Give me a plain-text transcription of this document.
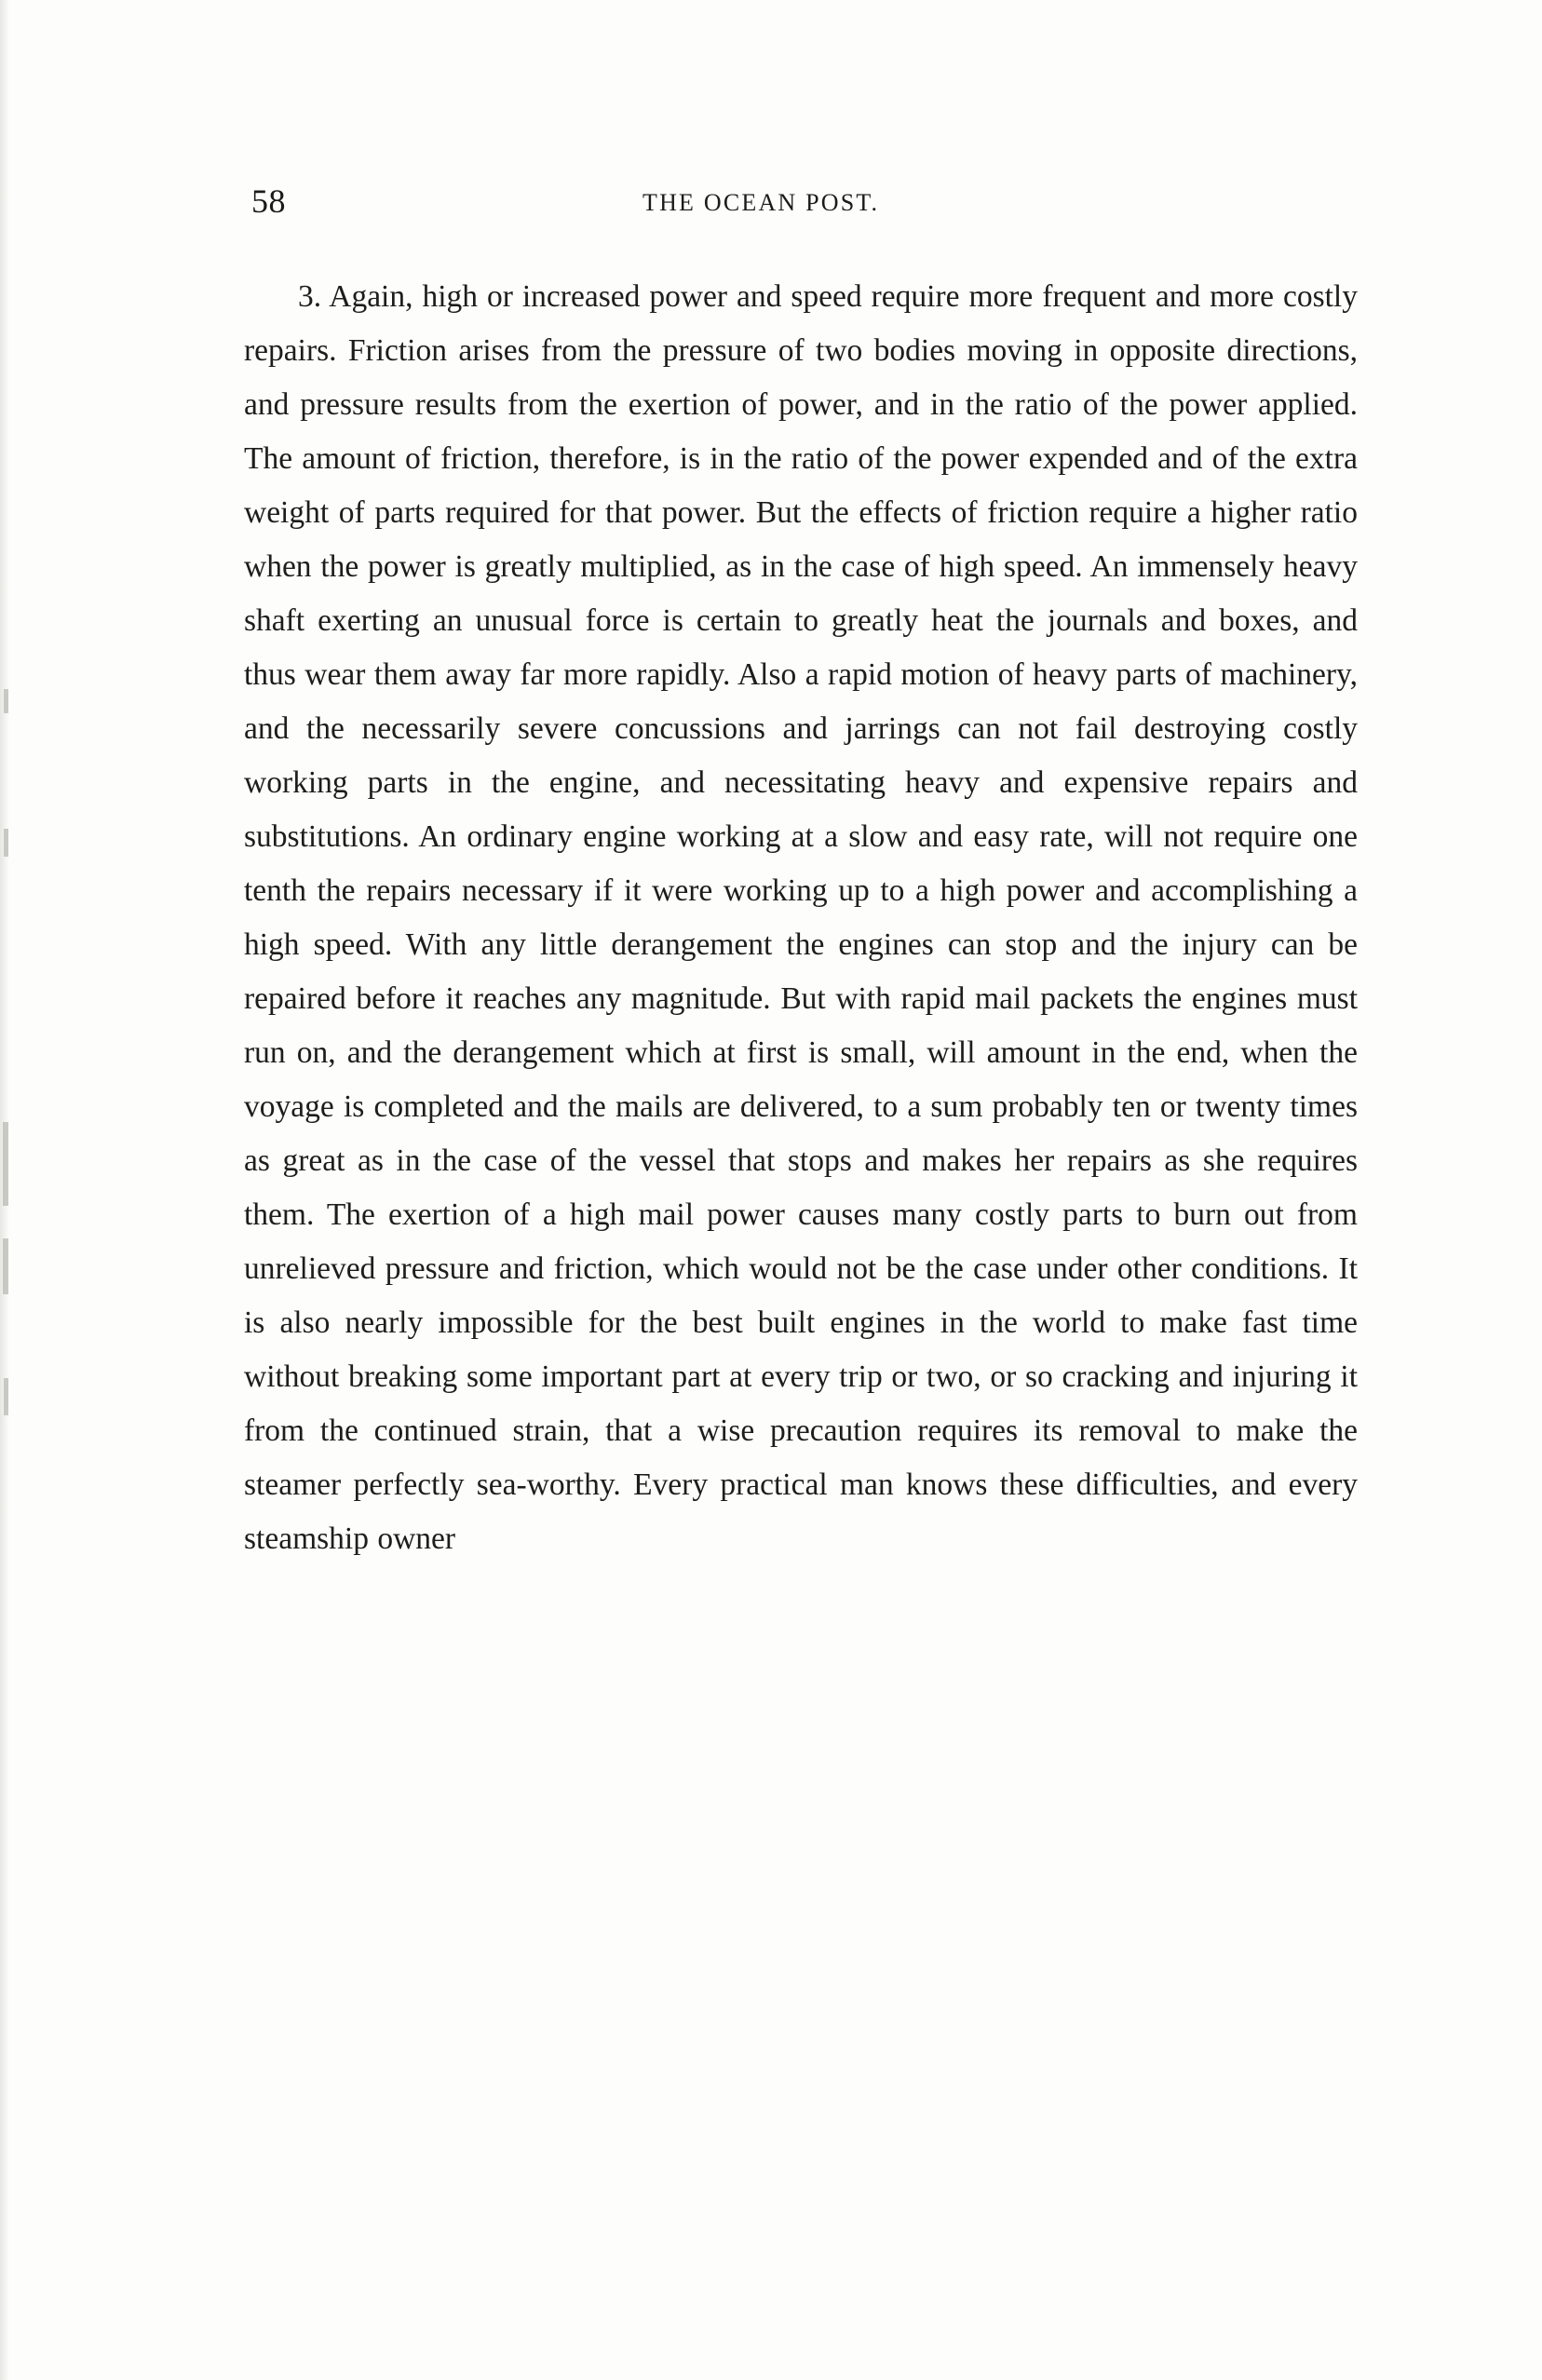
58	THE OCEAN POST.

3. Again, high or increased power and speed require more frequent and more costly repairs. Friction arises from the pressure of two bodies moving in opposite directions, and pressure results from the exertion of power, and in the ratio of the power applied. The amount of friction, therefore, is in the ratio of the power expended and of the extra weight of parts required for that power. But the effects of friction require a higher ratio when the power is greatly multiplied, as in the case of high speed. An immensely heavy shaft exerting an unusual force is certain to greatly heat the journals and boxes, and thus wear them away far more rapidly. Also a rapid motion of heavy parts of machinery, and the necessarily severe concussions and jarrings can not fail destroying costly working parts in the engine, and necessitating heavy and expensive repairs and substitutions. An ordinary engine working at a slow and easy rate, will not require one tenth the repairs necessary if it were working up to a high power and accomplishing a high speed. With any little derangement the engines can stop and the injury can be repaired before it reaches any magnitude. But with rapid mail packets the engines must run on, and the derangement which at first is small, will amount in the end, when the voyage is completed and the mails are delivered, to a sum probably ten or twenty times as great as in the case of the vessel that stops and makes her repairs as she requires them. The exertion of a high mail power causes many costly parts to burn out from unrelieved pressure and friction, which would not be the case under other conditions. It is also nearly impossible for the best built engines in the world to make fast time without breaking some important part at every trip or two, or so cracking and injuring it from the continued strain, that a wise precaution requires its removal to make the steamer perfectly sea-worthy. Every practical man knows these difficulties, and every steamship owner
